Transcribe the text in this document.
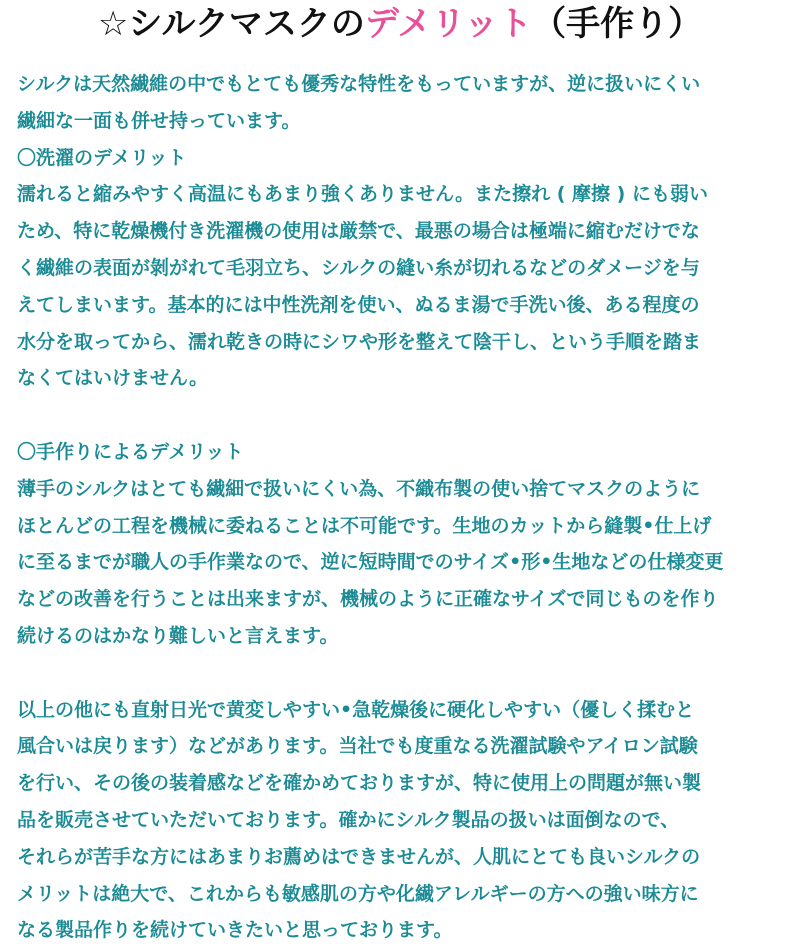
☆シルクマスクのデメリット（手作り）
シルクは天然繊維の中でもとても優秀な特性をもっていますが、逆に扱いにくい
繊細な一面も併せ持っています。
〇洗濯のデメリット
濡れると縮みやすく高温にもあまり強くありません。また擦れ ( 摩擦 ) にも弱い
ため、特に乾燥機付き洗濯機の使用は厳禁で、最悪の場合は極端に縮むだけでな
く繊維の表面が剝がれて毛羽立ち、シルクの縫い糸が切れるなどのダメージを与
えてしまいます。基本的には中性洗剤を使い、ぬるま湯で手洗い後、ある程度の
水分を取ってから、濡れ乾きの時にシワや形を整えて陰干し、という手順を踏ま
なくてはいけません。
〇手作りによるデメリット
薄手のシルクはとても繊細で扱いにくい為、不織布製の使い捨てマスクのように
ほとんどの工程を機械に委ねることは不可能です。生地のカットから縫製•仕上げ
に至るまでが職人の手作業なので、逆に短時間でのサイズ•形•生地などの仕様変更
などの改善を行うことは出来ますが、機械のように正確なサイズで同じものを作り
続けるのはかなり難しいと言えます。
以上の他にも直射日光で黄変しやすい•急乾燥後に硬化しやすい（優しく揉むと
風合いは戻ります）などがあります。当社でも度重なる洗濯試験やアイロン試験
を行い、その後の装着感などを確かめておりますが、特に使用上の問題が無い製
品を販売させていただいております。確かにシルク製品の扱いは面倒なので、
それらが苦手な方にはあまりお薦めはできませんが、人肌にとても良いシルクの
メリットは絶大で、これからも敏感肌の方や化繊アレルギーの方への強い味方に
なる製品作りを続けていきたいと思っております。
